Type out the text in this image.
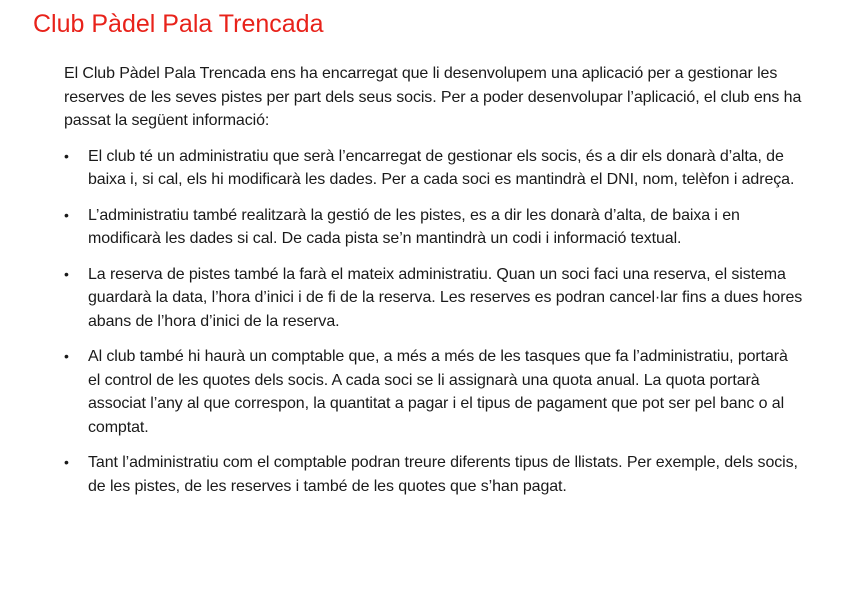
Club Pàdel Pala Trencada

El Club Pàdel Pala Trencada ens ha encarregat que li desenvolupem una aplicació per a gestionar les reserves de les seves pistes per part dels seus socis. Per a poder desenvolupar l’aplicació, el club ens ha passat la següent informació:

•	El club té un administratiu que serà l’encarregat de gestionar els socis, és a dir els donarà d’alta, de baixa i, si cal, els hi modificarà les dades. Per a cada soci es mantindrà el DNI, nom, telèfon i adreça.
•	L’administratiu també realitzarà la gestió de les pistes, es a dir les donarà d’alta, de baixa i en modificarà les dades si cal. De cada pista se’n mantindrà un codi i informació textual.
•	La reserva de pistes també la farà el mateix administratiu. Quan un soci faci una reserva, el sistema guardarà la data, l’hora d’inici i de fi de la reserva. Les reserves es podran cancel·lar fins a dues hores abans de l’hora d’inici de la reserva.
•	Al club també hi haurà un comptable que, a més a més de les tasques que fa l’administratiu, portarà el control de les quotes dels socis. A cada soci se li assignarà una quota anual. La quota portarà associat l’any al que correspon, la quantitat a pagar i el tipus de pagament que pot ser pel banc o al comptat.
•	Tant l’administratiu com el comptable podran treure diferents tipus de llistats. Per exemple, dels socis, de les pistes, de les reserves i també de les quotes que s’han pagat.
